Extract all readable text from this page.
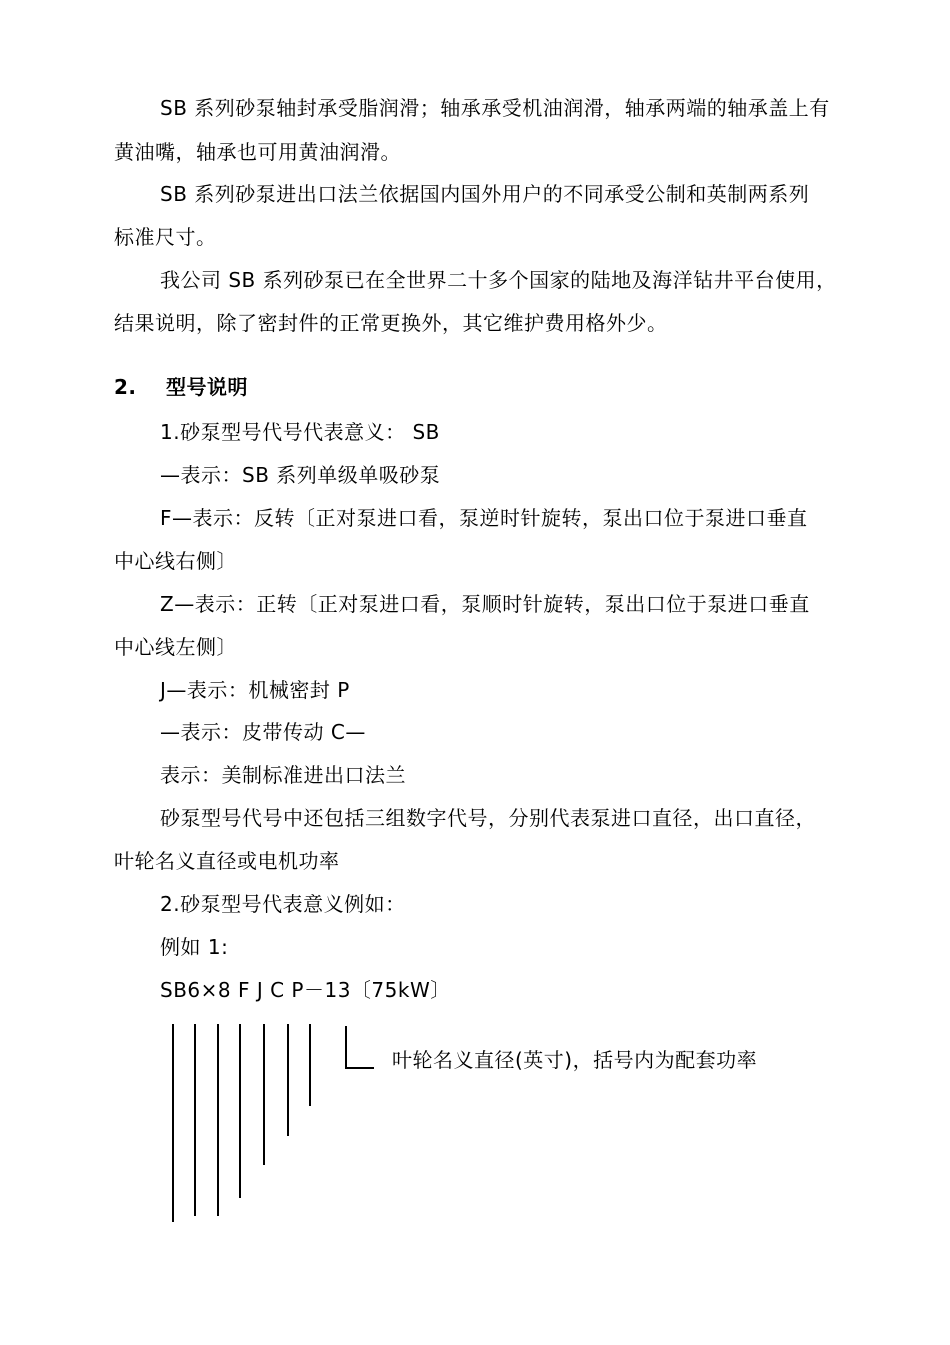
SB 系列砂泵轴封承受脂润滑；轴承承受机油润滑，轴承两端的轴承盖上有
黄油嘴，轴承也可用黄油润滑。
SB 系列砂泵进出口法兰依据国内国外用户的不同承受公制和英制两系列
标准尺寸。
我公司 SB 系列砂泵已在全世界二十多个国家的陆地及海洋钻井平台使用，
结果说明，除了密封件的正常更换外，其它维护费用格外少。
2. 型号说明
1.砂泵型号代号代表意义： SB
—表示：SB 系列单级单吸砂泵
F—表示：反转〔正对泵进口看，泵逆时针旋转，泵出口位于泵进口垂直
中心线右侧〕
Z—表示：正转〔正对泵进口看，泵顺时针旋转，泵出口位于泵进口垂直
中心线左侧〕
J—表示：机械密封 P
—表示：皮带传动 C—
表示：美制标准进出口法兰
砂泵型号代号中还包括三组数字代号，分别代表泵进口直径，出口直径，
叶轮名义直径或电机功率
2.砂泵型号代表意义例如：
例如 1:
SB6×8 F J C P－13〔75kW〕
叶轮名义直径(英寸)，括号内为配套功率
